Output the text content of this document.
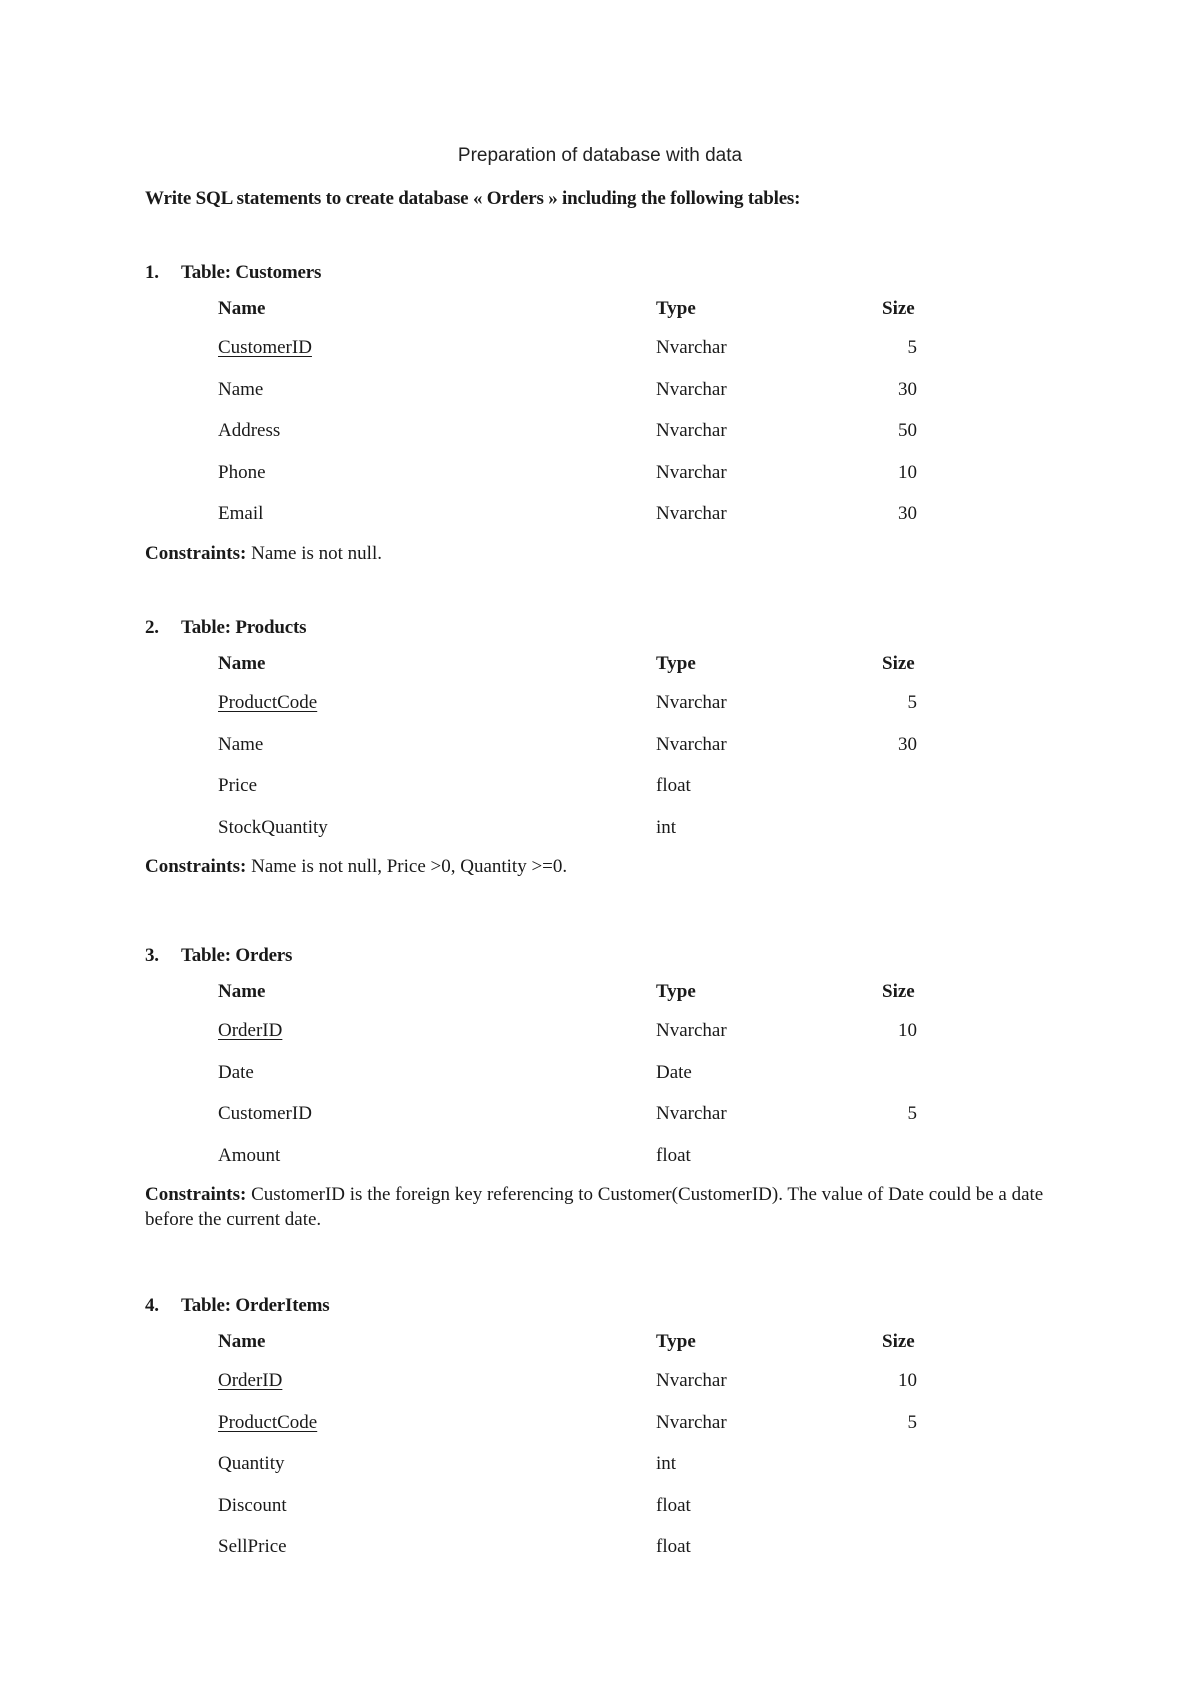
Preparation of database with data
Write SQL statements to create database « Orders » including the following tables:
1. Table: Customers
Name	Type	Size
CustomerID	Nvarchar	5
Name	Nvarchar	30
Address	Nvarchar	50
Phone	Nvarchar	10
Email	Nvarchar	30
Constraints: Name is not null.
2. Table: Products
Name	Type	Size
ProductCode	Nvarchar	5
Name	Nvarchar	30
Price	float
StockQuantity	int
Constraints: Name is not null, Price >0, Quantity >=0.
3. Table: Orders
Name	Type	Size
OrderID	Nvarchar	10
Date	Date
CustomerID	Nvarchar	5
Amount	float
Constraints: CustomerID is the foreign key referencing to Customer(CustomerID). The value of Date could be a date before the current date.
4. Table: OrderItems
Name	Type	Size
OrderID	Nvarchar	10
ProductCode	Nvarchar	5
Quantity	int
Discount	float
SellPrice	float
